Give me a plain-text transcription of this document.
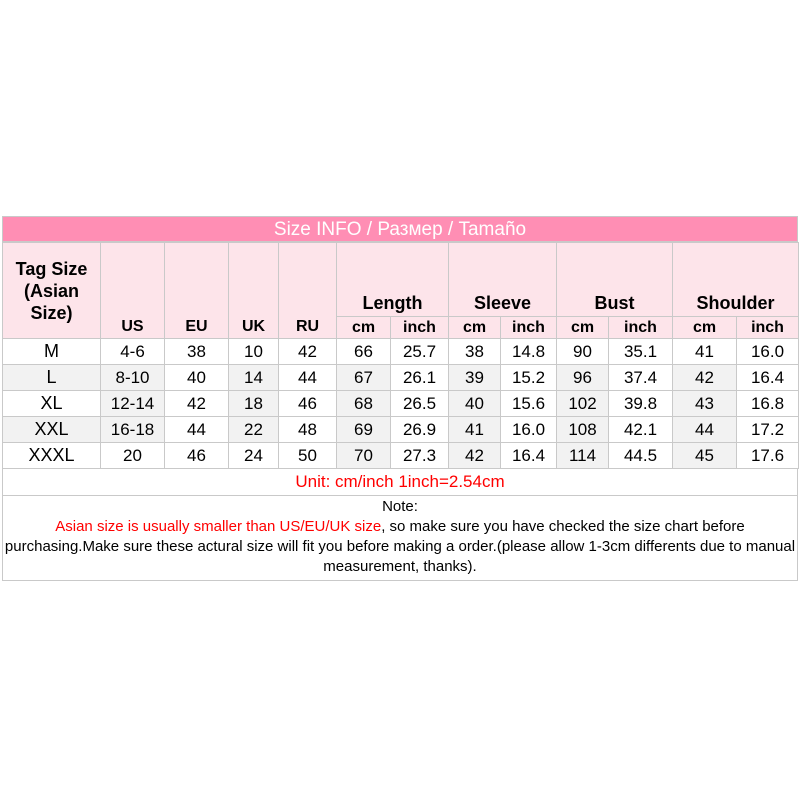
Size INFO / Размер / Tamaño
Tag Size
(Asian
Size)	US	EU	UK	RU	Length		Sleeve		Bust		Shoulder	
					cm	inch	cm	inch	cm	inch	cm	inch
M	4-6	38	10	42	66	25.7	38	14.8	90	35.1	41	16.0
L	8-10	40	14	44	67	26.1	39	15.2	96	37.4	42	16.4
XL	12-14	42	18	46	68	26.5	40	15.6	102	39.8	43	16.8
XXL	16-18	44	22	48	69	26.9	41	16.0	108	42.1	44	17.2
XXXL	20	46	24	50	70	27.3	42	16.4	114	44.5	45	17.6
Unit: cm/inch 1inch=2.54cm
Note:
Asian size is usually smaller than US/EU/UK size, so make sure you have checked the size chart before purchasing.Make sure these actural size will fit you before making a order.(please allow 1-3cm differents due to manual measurement, thanks).
